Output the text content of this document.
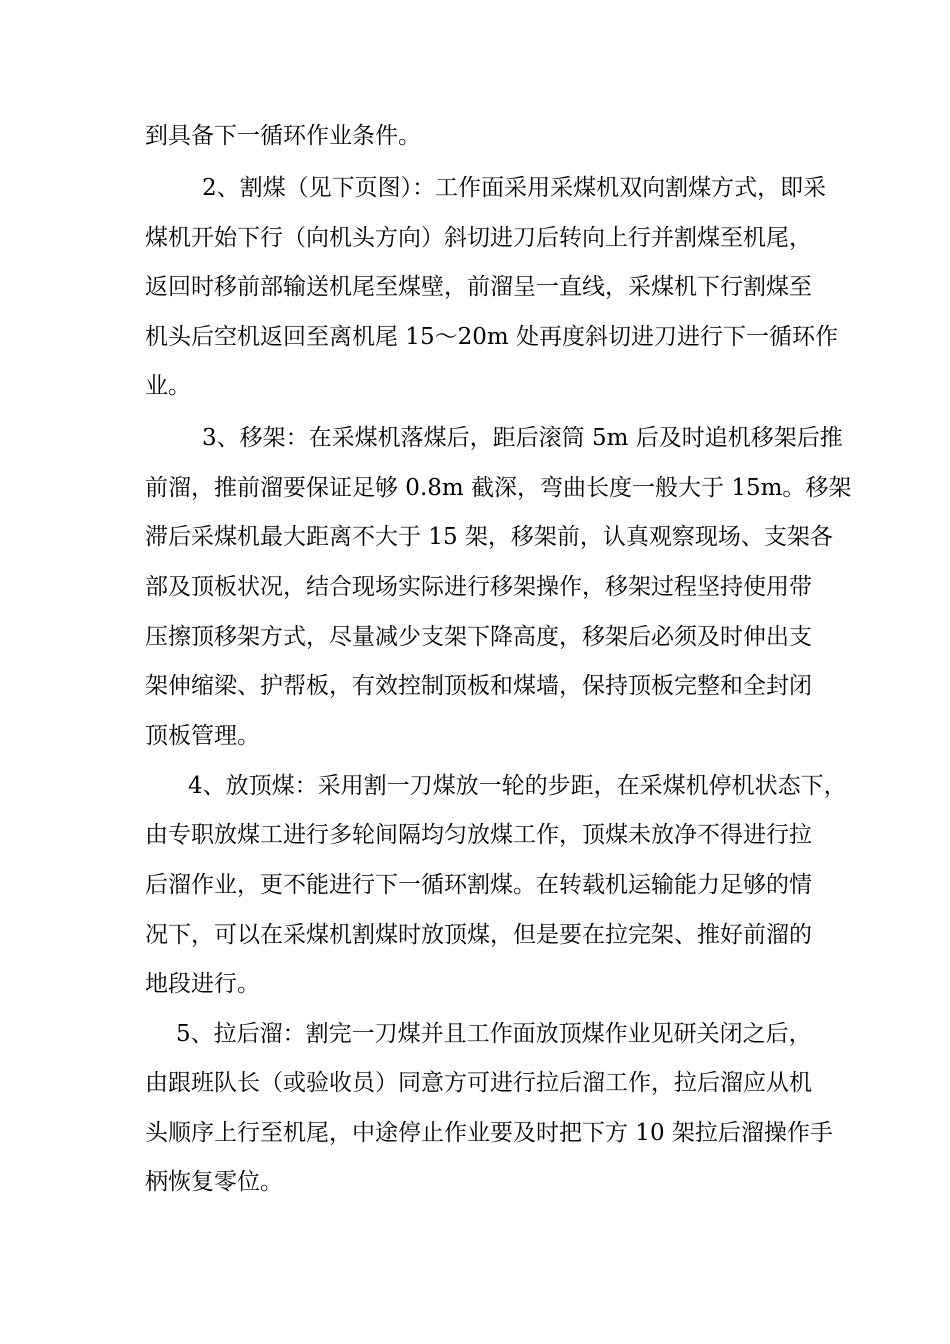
到具备下一循环作业条件。
2、割煤（见下页图）：工作面采用采煤机双向割煤方式，即采
煤机开始下行（向机头方向）斜切进刀后转向上行并割煤至机尾，
返回时移前部输送机尾至煤壁，前溜呈一直线，采煤机下行割煤至
机头后空机返回至离机尾 15～20m 处再度斜切进刀进行下一循环作
业。
3、移架：在采煤机落煤后，距后滚筒 5m 后及时追机移架后推
前溜，推前溜要保证足够 0.8m 截深，弯曲长度一般大于 15m。移架
滞后采煤机最大距离不大于 15 架，移架前，认真观察现场、支架各
部及顶板状况，结合现场实际进行移架操作，移架过程坚持使用带
压擦顶移架方式，尽量减少支架下降高度，移架后必须及时伸出支
架伸缩梁、护帮板，有效控制顶板和煤墙，保持顶板完整和全封闭
顶板管理。
4、放顶煤：采用割一刀煤放一轮的步距，在采煤机停机状态下，
由专职放煤工进行多轮间隔均匀放煤工作，顶煤未放净不得进行拉
后溜作业，更不能进行下一循环割煤。在转载机运输能力足够的情
况下，可以在采煤机割煤时放顶煤，但是要在拉完架、推好前溜的
地段进行。
5、拉后溜：割完一刀煤并且工作面放顶煤作业见研关闭之后，
由跟班队长（或验收员）同意方可进行拉后溜工作，拉后溜应从机
头顺序上行至机尾，中途停止作业要及时把下方 10 架拉后溜操作手
柄恢复零位。
